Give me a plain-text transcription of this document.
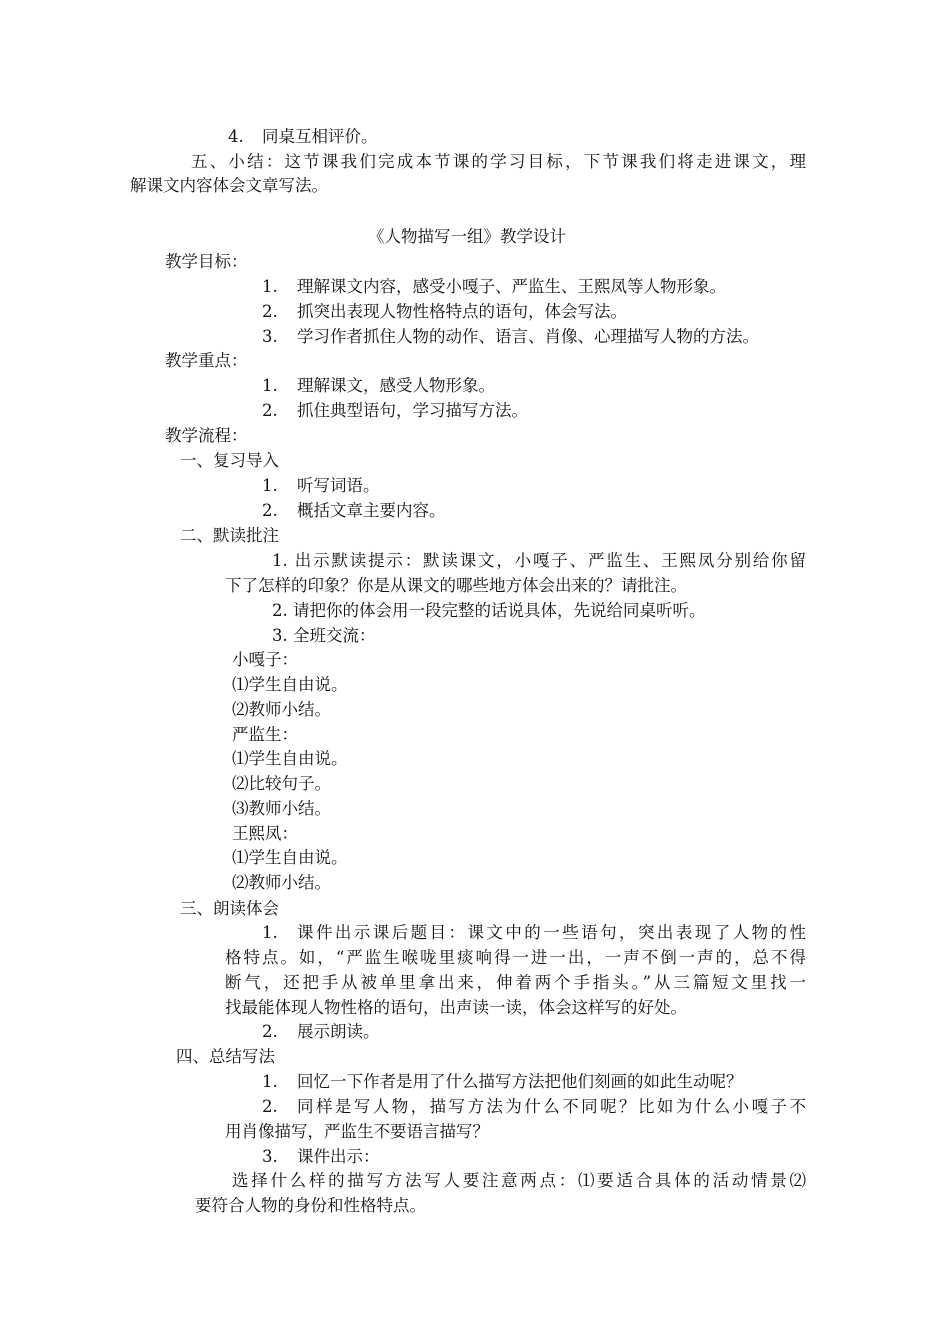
4. 同桌互相评价。
五、小结：这节课我们完成本节课的学习目标，下节课我们将走进课文，理
解课文内容体会文章写法。
《人物描写一组》教学设计
教学目标：
1. 理解课文内容，感受小嘎子、严监生、王熙凤等人物形象。
2. 抓突出表现人物性格特点的语句，体会写法。
3. 学习作者抓住人物的动作、语言、肖像、心理描写人物的方法。
教学重点：
1. 理解课文，感受人物形象。
2. 抓住典型语句，学习描写方法。
教学流程：
一、复习导入
1. 听写词语。
2. 概括文章主要内容。
二、默读批注
1. 出示默读提示：默读课文，小嘎子、严监生、王熙凤分别给你留
下了怎样的印象？你是从课文的哪些地方体会出来的？请批注。
2. 请把你的体会用一段完整的话说具体，先说给同桌听听。
3. 全班交流：
小嘎子：
⑴学生自由说。
⑵教师小结。
严监生：
⑴学生自由说。
⑵比较句子。
⑶教师小结。
王熙凤：
⑴学生自由说。
⑵教师小结。
三、朗读体会
1. 课件出示课后题目：课文中的一些语句，突出表现了人物的性
格特点。如，“严监生喉咙里痰响得一进一出，一声不倒一声的，总不得
断气，还把手从被单里拿出来，伸着两个手指头。”从三篇短文里找一
找最能体现人物性格的语句，出声读一读，体会这样写的好处。
2. 展示朗读。
四、总结写法
1. 回忆一下作者是用了什么描写方法把他们刻画的如此生动呢？
2. 同样是写人物，描写方法为什么不同呢？比如为什么小嘎子不
用肖像描写，严监生不要语言描写？
3. 课件出示：
选择什么样的描写方法写人要注意两点：⑴要适合具体的活动情景⑵
要符合人物的身份和性格特点。
